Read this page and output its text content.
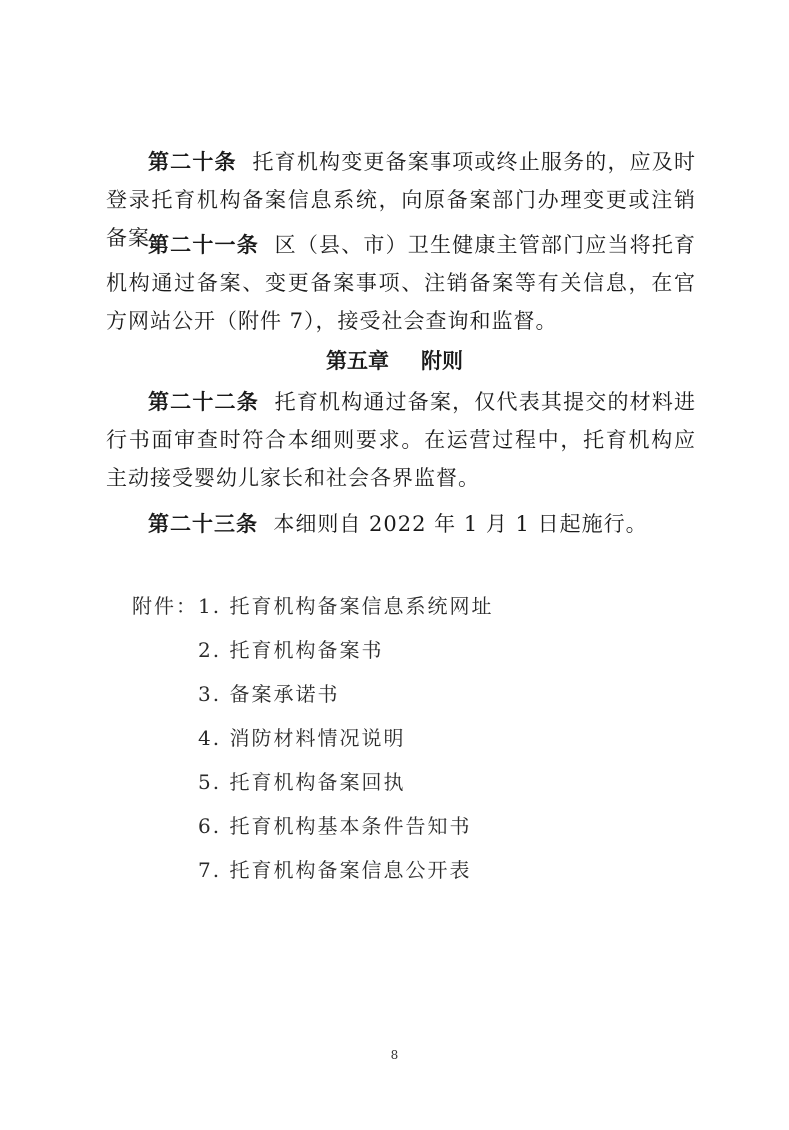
第二十条 托育机构变更备案事项或终止服务的，应及时登录托育机构备案信息系统，向原备案部门办理变更或注销备案。

第二十一条 区（县、市）卫生健康主管部门应当将托育机构通过备案、变更备案事项、注销备案等有关信息，在官方网站公开（附件 7），接受社会查询和监督。

第五章 附则

第二十二条 托育机构通过备案，仅代表其提交的材料进行书面审查时符合本细则要求。在运营过程中，托育机构应主动接受婴幼儿家长和社会各界监督。

第二十三条 本细则自 2022 年 1 月 1 日起施行。

附件：1. 托育机构备案信息系统网址
2. 托育机构备案书
3. 备案承诺书
4. 消防材料情况说明
5. 托育机构备案回执
6. 托育机构基本条件告知书
7. 托育机构备案信息公开表
8
